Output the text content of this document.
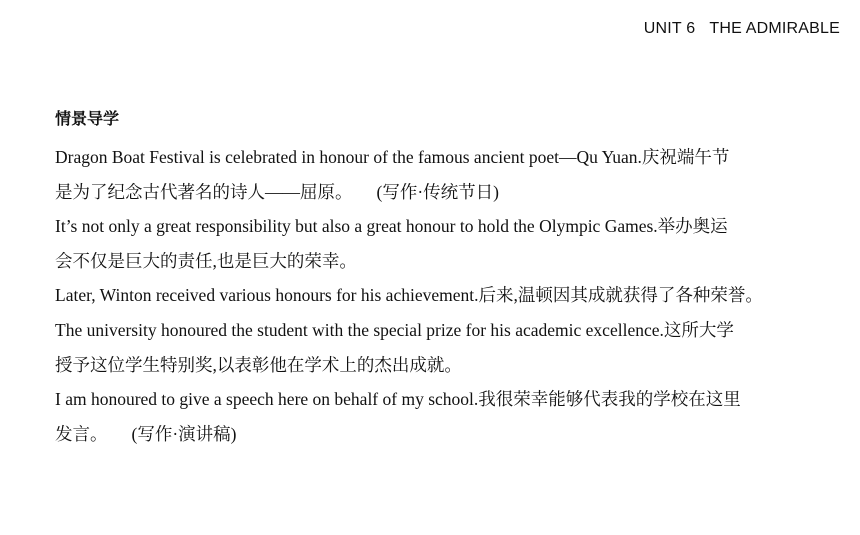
UNIT 6 THE ADMIRABLE
情景导学
Dragon Boat Festival is celebrated in honour of the famous ancient poet—Qu Yuan.庆祝端午节
是为了纪念古代著名的诗人——屈原。 (写作·传统节日)
It’s not only a great responsibility but also a great honour to hold the Olympic Games.举办奥运
会不仅是巨大的责任,也是巨大的荣幸。
Later, Winton received various honours for his achievement.后来,温顿因其成就获得了各种荣誉。
The university honoured the student with the special prize for his academic excellence.这所大学
授予这位学生特别奖,以表彰他在学术上的杰出成就。
I am honoured to give a speech here on behalf of my school.我很荣幸能够代表我的学校在这里
发言。 (写作·演讲稿)
